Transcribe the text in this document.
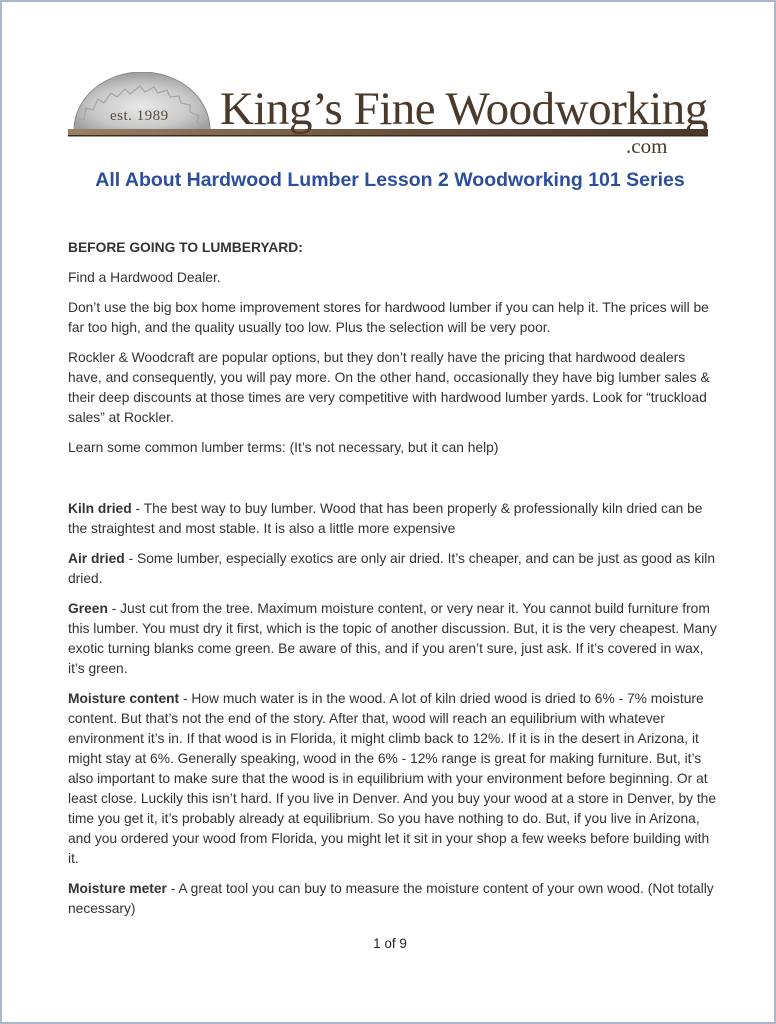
est. 1989 King’s Fine Woodworking
.com
All About Hardwood Lumber Lesson 2 Woodworking 101 Series

BEFORE GOING TO LUMBERYARD:

Find a Hardwood Dealer.

Don’t use the big box home improvement stores for hardwood lumber if you can help it. The prices will be far too high, and the quality usually too low. Plus the selection will be very poor.

Rockler & Woodcraft are popular options, but they don’t really have the pricing that hardwood dealers have, and consequently, you will pay more. On the other hand, occasionally they have big lumber sales & their deep discounts at those times are very competitive with hardwood lumber yards. Look for “truckload sales” at Rockler.

Learn some common lumber terms: (It’s not necessary, but it can help)

Kiln dried - The best way to buy lumber. Wood that has been properly & professionally kiln dried can be the straightest and most stable. It is also a little more expensive

Air dried - Some lumber, especially exotics are only air dried. It’s cheaper, and can be just as good as kiln dried.

Green - Just cut from the tree. Maximum moisture content, or very near it. You cannot build furniture from this lumber. You must dry it first, which is the topic of another discussion. But, it is the very cheapest. Many exotic turning blanks come green. Be aware of this, and if you aren’t sure, just ask. If it’s covered in wax, it’s green.

Moisture content - How much water is in the wood. A lot of kiln dried wood is dried to 6% - 7% moisture content. But that’s not the end of the story. After that, wood will reach an equilibrium with whatever environment it’s in. If that wood is in Florida, it might climb back to 12%. If it is in the desert in Arizona, it might stay at 6%. Generally speaking, wood in the 6% - 12% range is great for making furniture. But, it’s also important to make sure that the wood is in equilibrium with your environment before beginning. Or at least close. Luckily this isn’t hard. If you live in Denver. And you buy your wood at a store in Denver, by the time you get it, it’s probably already at equilibrium. So you have nothing to do. But, if you live in Arizona, and you ordered your wood from Florida, you might let it sit in your shop a few weeks before building with it.

Moisture meter - A great tool you can buy to measure the moisture content of your own wood. (Not totally necessary)

1 of 9
